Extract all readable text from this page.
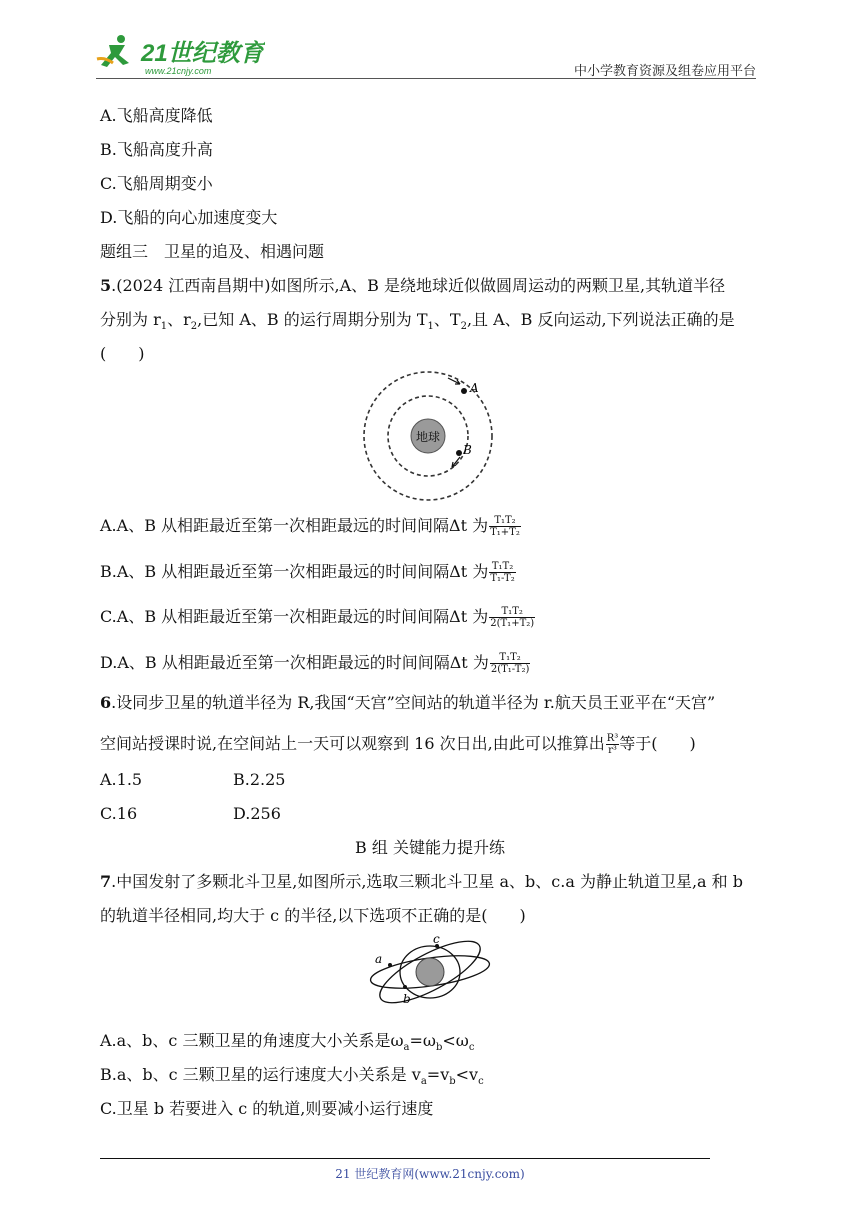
21世纪教育
www.21cnjy.com	中小学教育资源及组卷应用平台
A.飞船高度降低
B.飞船高度升高
C.飞船周期变小
D.飞船的向心加速度变大
题组三　卫星的追及、相遇问题
5.(2024 江西南昌期中)如图所示,A、B 是绕地球近似做圆周运动的两颗卫星,其轨道半径
分别为 $r_1$、$r_2$,已知 A、B 的运行周期分别为 $T_1$、$T_2$,且 A、B 反向运动,下列说法正确的是
(　　)
地球
A
B
A.A、B 从相距最近至第一次相距最远的时间间隔Δt 为 $\frac{\text{T₁T₂}}{\text{T₁+T₂}}$
B.A、B 从相距最近至第一次相距最远的时间间隔Δt 为 $\frac{\text{T₁T₂}}{\text{T₁-T₂}}$
C.A、B 从相距最近至第一次相距最远的时间间隔Δt 为 $\frac{\text{T₁T₂}}{\text{2(T₁+T₂)}}$
D.A、B 从相距最近至第一次相距最远的时间间隔Δt 为 $\frac{\text{T₁T₂}}{\text{2(T₁-T₂)}}$
6.设同步卫星的轨道半径为 R,我国“天宫”空间站的轨道半径为 r.航天员王亚平在“天宫”
空间站授课时说,在空间站上一天可以观察到 16 次日出,由此可以推算出 $\frac{\text{R³}}{\text{r³}}$ 等于(　　)
A.1.5	B.2.25
C.16	D.256
B 组 关键能力提升练
7.中国发射了多颗北斗卫星,如图所示,选取三颗北斗卫星 a、b、c.a 为静止轨道卫星,a 和 b
的轨道半径相同,均大于 c 的半径,以下选项不正确的是(　　)
a
b
c
A.a、b、c 三颗卫星的角速度大小关系是$\omega_a=\omega_b<\omega_c$
B.a、b、c 三颗卫星的运行速度大小关系是 $v_a=v_b<v_c$
C.卫星 b 若要进入 c 的轨道,则要减小运行速度
21 世纪教育网(www.21cnjy.com)
